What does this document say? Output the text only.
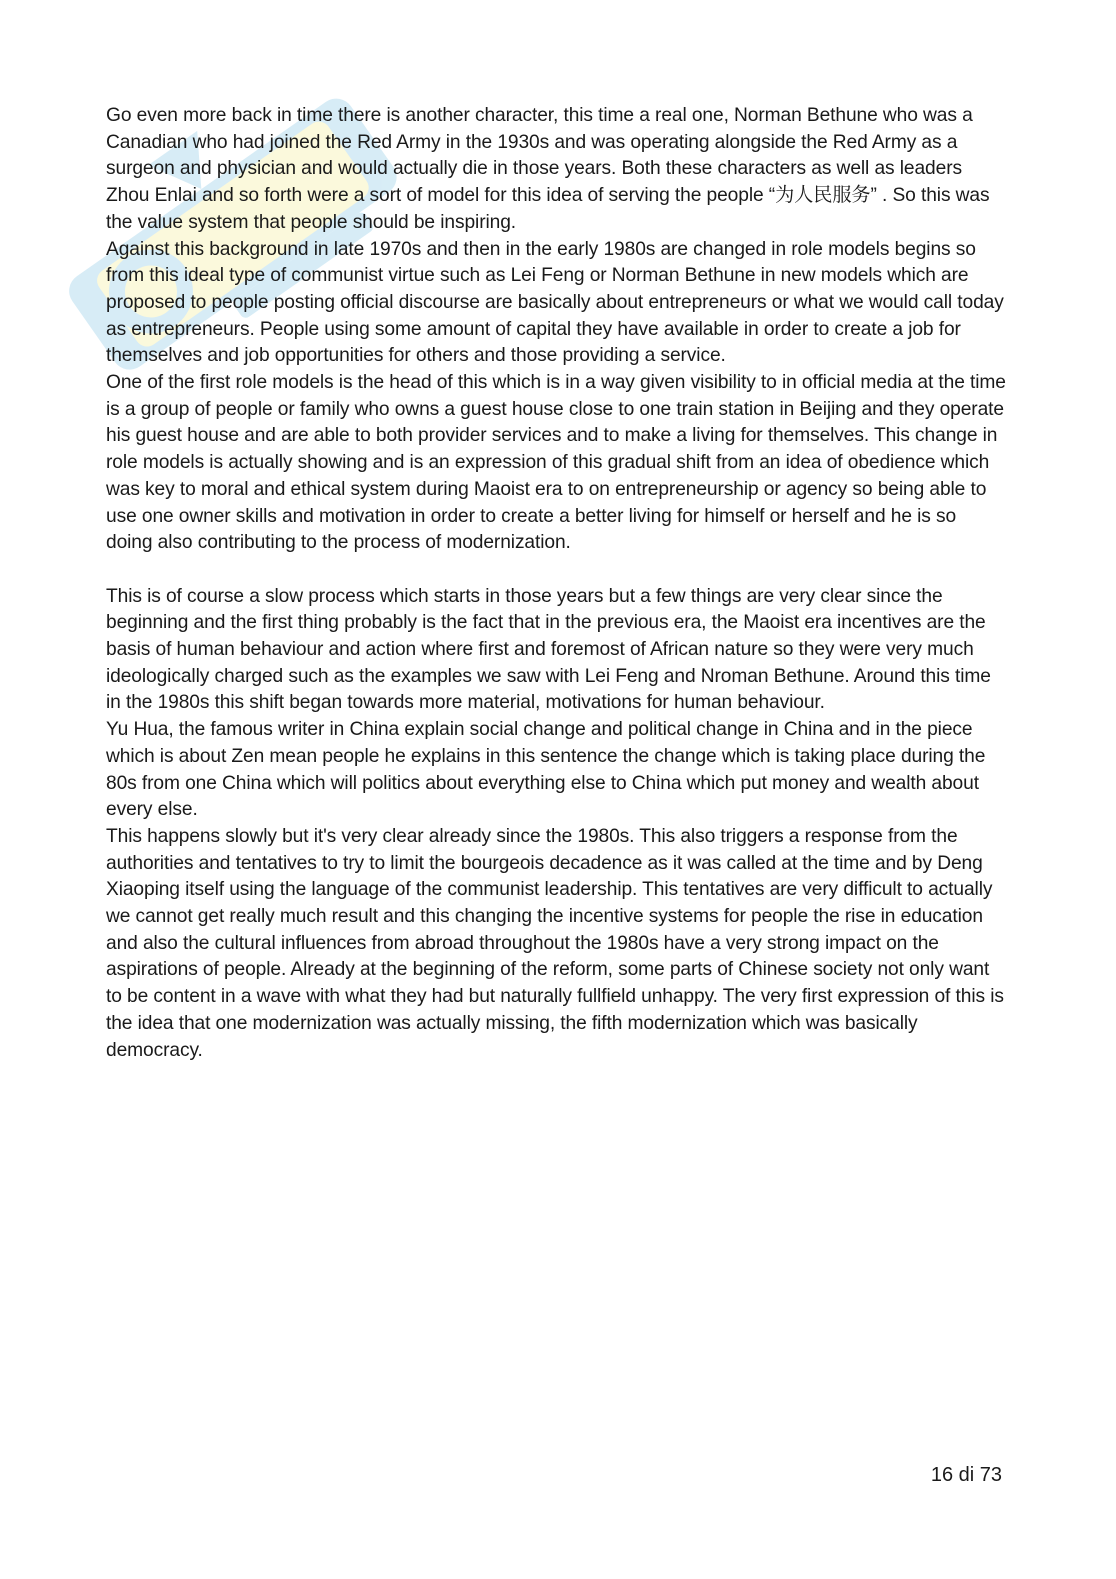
Go even more back in time there is another character, this time a real one, Norman Bethune who was a Canadian who had joined the Red Army in the 1930s and was operating alongside the Red Army as a surgeon and physician and would actually die in those years. Both these characters as well as leaders Zhou Enlai and so forth were a sort of model for this idea of serving the people “为人民服务” . So this was the value system that people should be inspiring.

Against this background in late 1970s and then in the early 1980s are changed in role models begins so from this ideal type of communist virtue such as Lei Feng or Norman Bethune in new models which are proposed to people posting official discourse are basically about entrepreneurs or what we would call today as entrepreneurs. People using some amount of capital they have available in order to create a job for themselves and job opportunities for others and those providing a service.

One of the first role models is the head of this which is in a way given visibility to in official media at the time is a group of people or family who owns a guest house close to one train station in Beijing and they operate his guest house and are able to both provider services and to make a living for themselves. This change in role models is actually showing and is an expression of this gradual shift from an idea of obedience which was key to moral and ethical system during Maoist era to on entrepreneurship or agency so being able to use one owner skills and motivation in order to create a better living for himself or herself and he is so doing also contributing to the process of modernization.

This is of course a slow process which starts in those years but a few things are very clear since the beginning and the first thing probably is the fact that in the previous era, the Maoist era incentives are the basis of human behaviour and action where first and foremost of African nature so they were very much ideologically charged such as the examples we saw with Lei Feng and Nroman Bethune. Around this time in the 1980s this shift began towards more material, motivations for human behaviour.

Yu Hua, the famous writer in China explain social change and political change in China and in the piece which is about Zen mean people he explains in this sentence the change which is taking place during the 80s from one China which will politics about everything else to China which put money and wealth about every else.

This happens slowly but it's very clear already since the 1980s. This also triggers a response from the authorities and tentatives to try to limit the bourgeois decadence as it was called at the time and by Deng Xiaoping itself using the language of the communist leadership. This tentatives are very difficult to actually we cannot get really much result and this changing the incentive systems for people the rise in education and also the cultural influences from abroad throughout the 1980s have a very strong impact on the aspirations of people. Already at the beginning of the reform, some parts of Chinese society not only want to be content in a wave with what they had but naturally fullfield unhappy. The very first expression of this is the idea that one modernization was actually missing, the fifth modernization which was basically democracy.

16 di 73
